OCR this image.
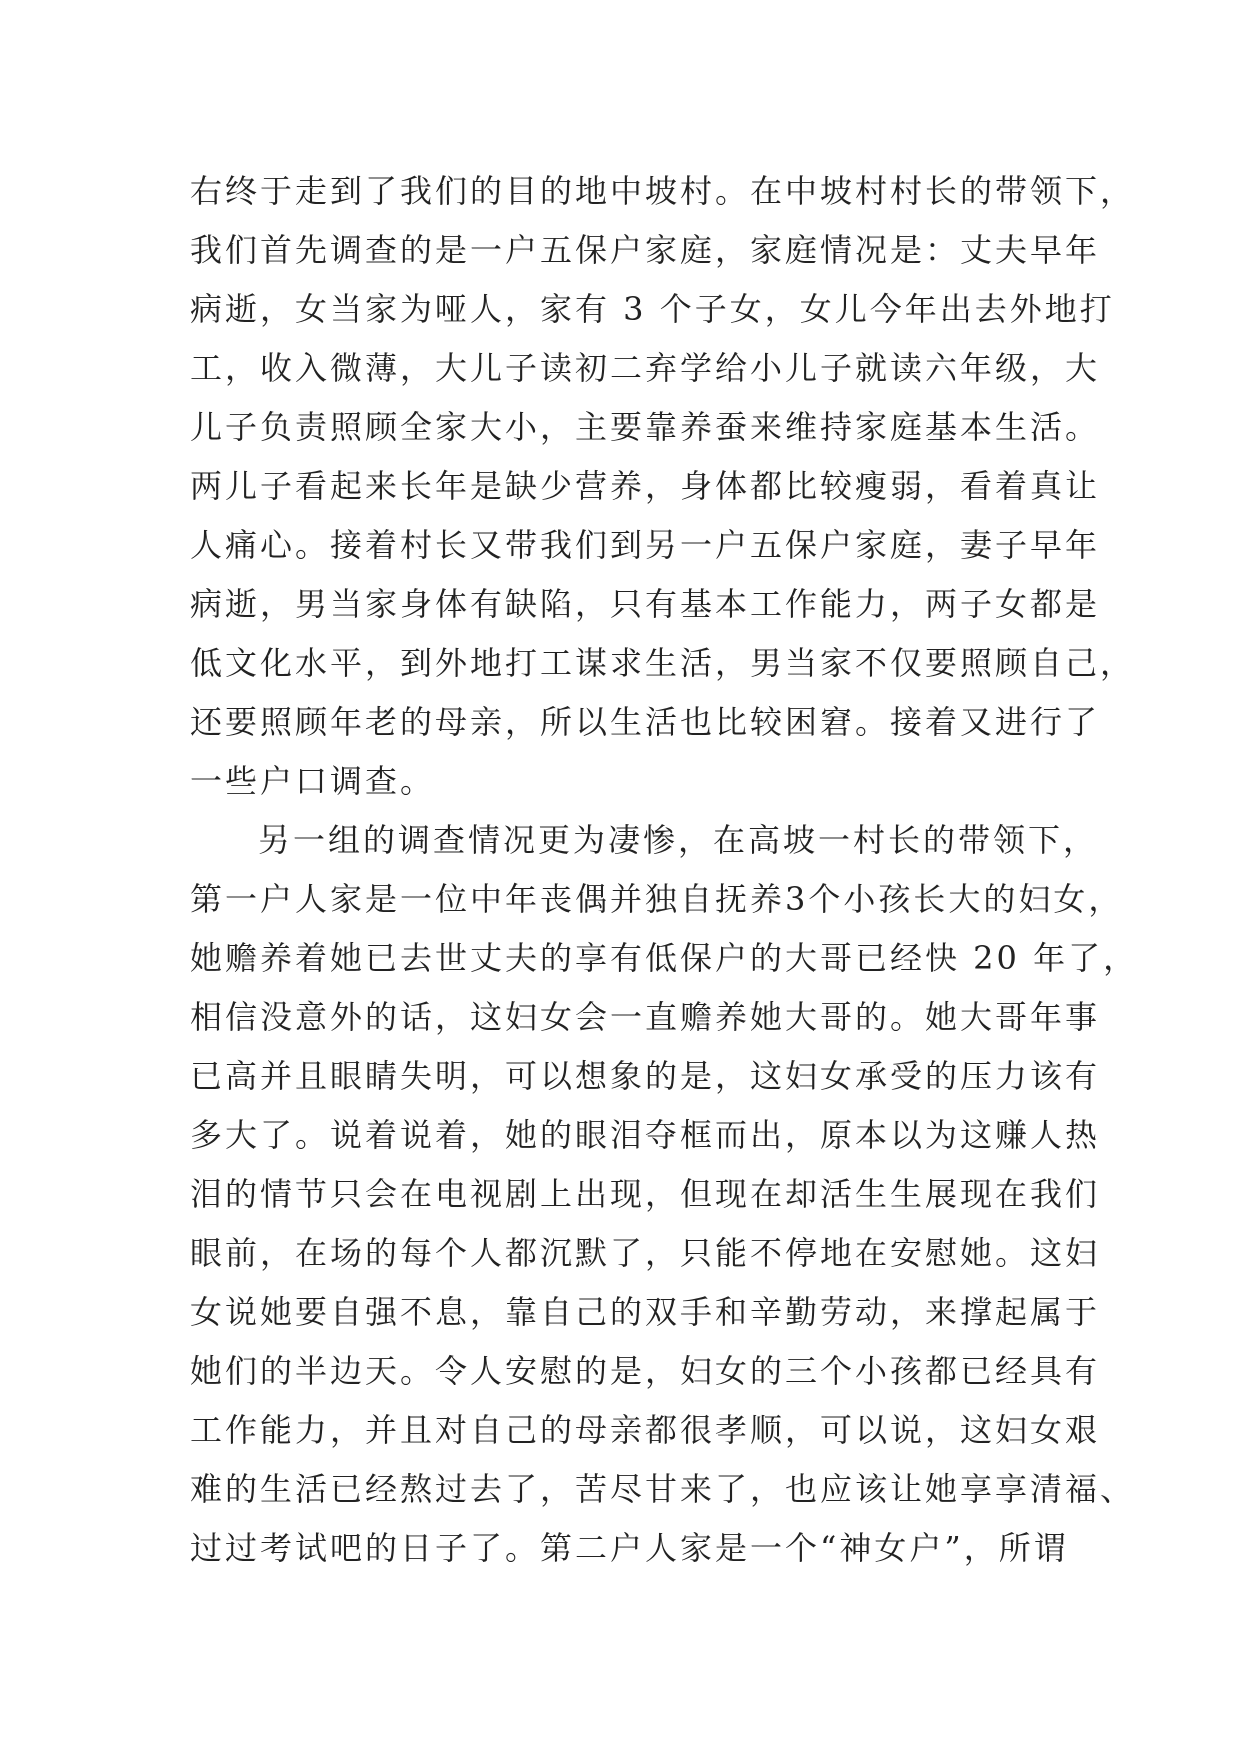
右终于走到了我们的目的地中坡村。在中坡村村长的带领下，
我们首先调查的是一户五保户家庭，家庭情况是：丈夫早年
病逝，女当家为哑人，家有 3 个子女，女儿今年出去外地打
工，收入微薄，大儿子读初二弃学给小儿子就读六年级，大
儿子负责照顾全家大小，主要靠养蚕来维持家庭基本生活。
两儿子看起来长年是缺少营养，身体都比较瘦弱，看着真让
人痛心。接着村长又带我们到另一户五保户家庭，妻子早年
病逝，男当家身体有缺陷，只有基本工作能力，两子女都是
低文化水平，到外地打工谋求生活，男当家不仅要照顾自己，
还要照顾年老的母亲，所以生活也比较困窘。接着又进行了
一些户口调查。
另一组的调查情况更为凄惨，在高坡一村长的带领下，
第一户人家是一位中年丧偶并独自抚养3个小孩长大的妇女，
她赡养着她已去世丈夫的享有低保户的大哥已经快 20 年了，
相信没意外的话，这妇女会一直赡养她大哥的。她大哥年事
已高并且眼睛失明，可以想象的是，这妇女承受的压力该有
多大了。说着说着，她的眼泪夺框而出，原本以为这赚人热
泪的情节只会在电视剧上出现，但现在却活生生展现在我们
眼前，在场的每个人都沉默了，只能不停地在安慰她。这妇
女说她要自强不息，靠自己的双手和辛勤劳动，来撑起属于
她们的半边天。令人安慰的是，妇女的三个小孩都已经具有
工作能力，并且对自己的母亲都很孝顺，可以说，这妇女艰
难的生活已经熬过去了，苦尽甘来了，也应该让她享享清福、
过过考试吧的日子了。第二户人家是一个“神女户”，所谓
